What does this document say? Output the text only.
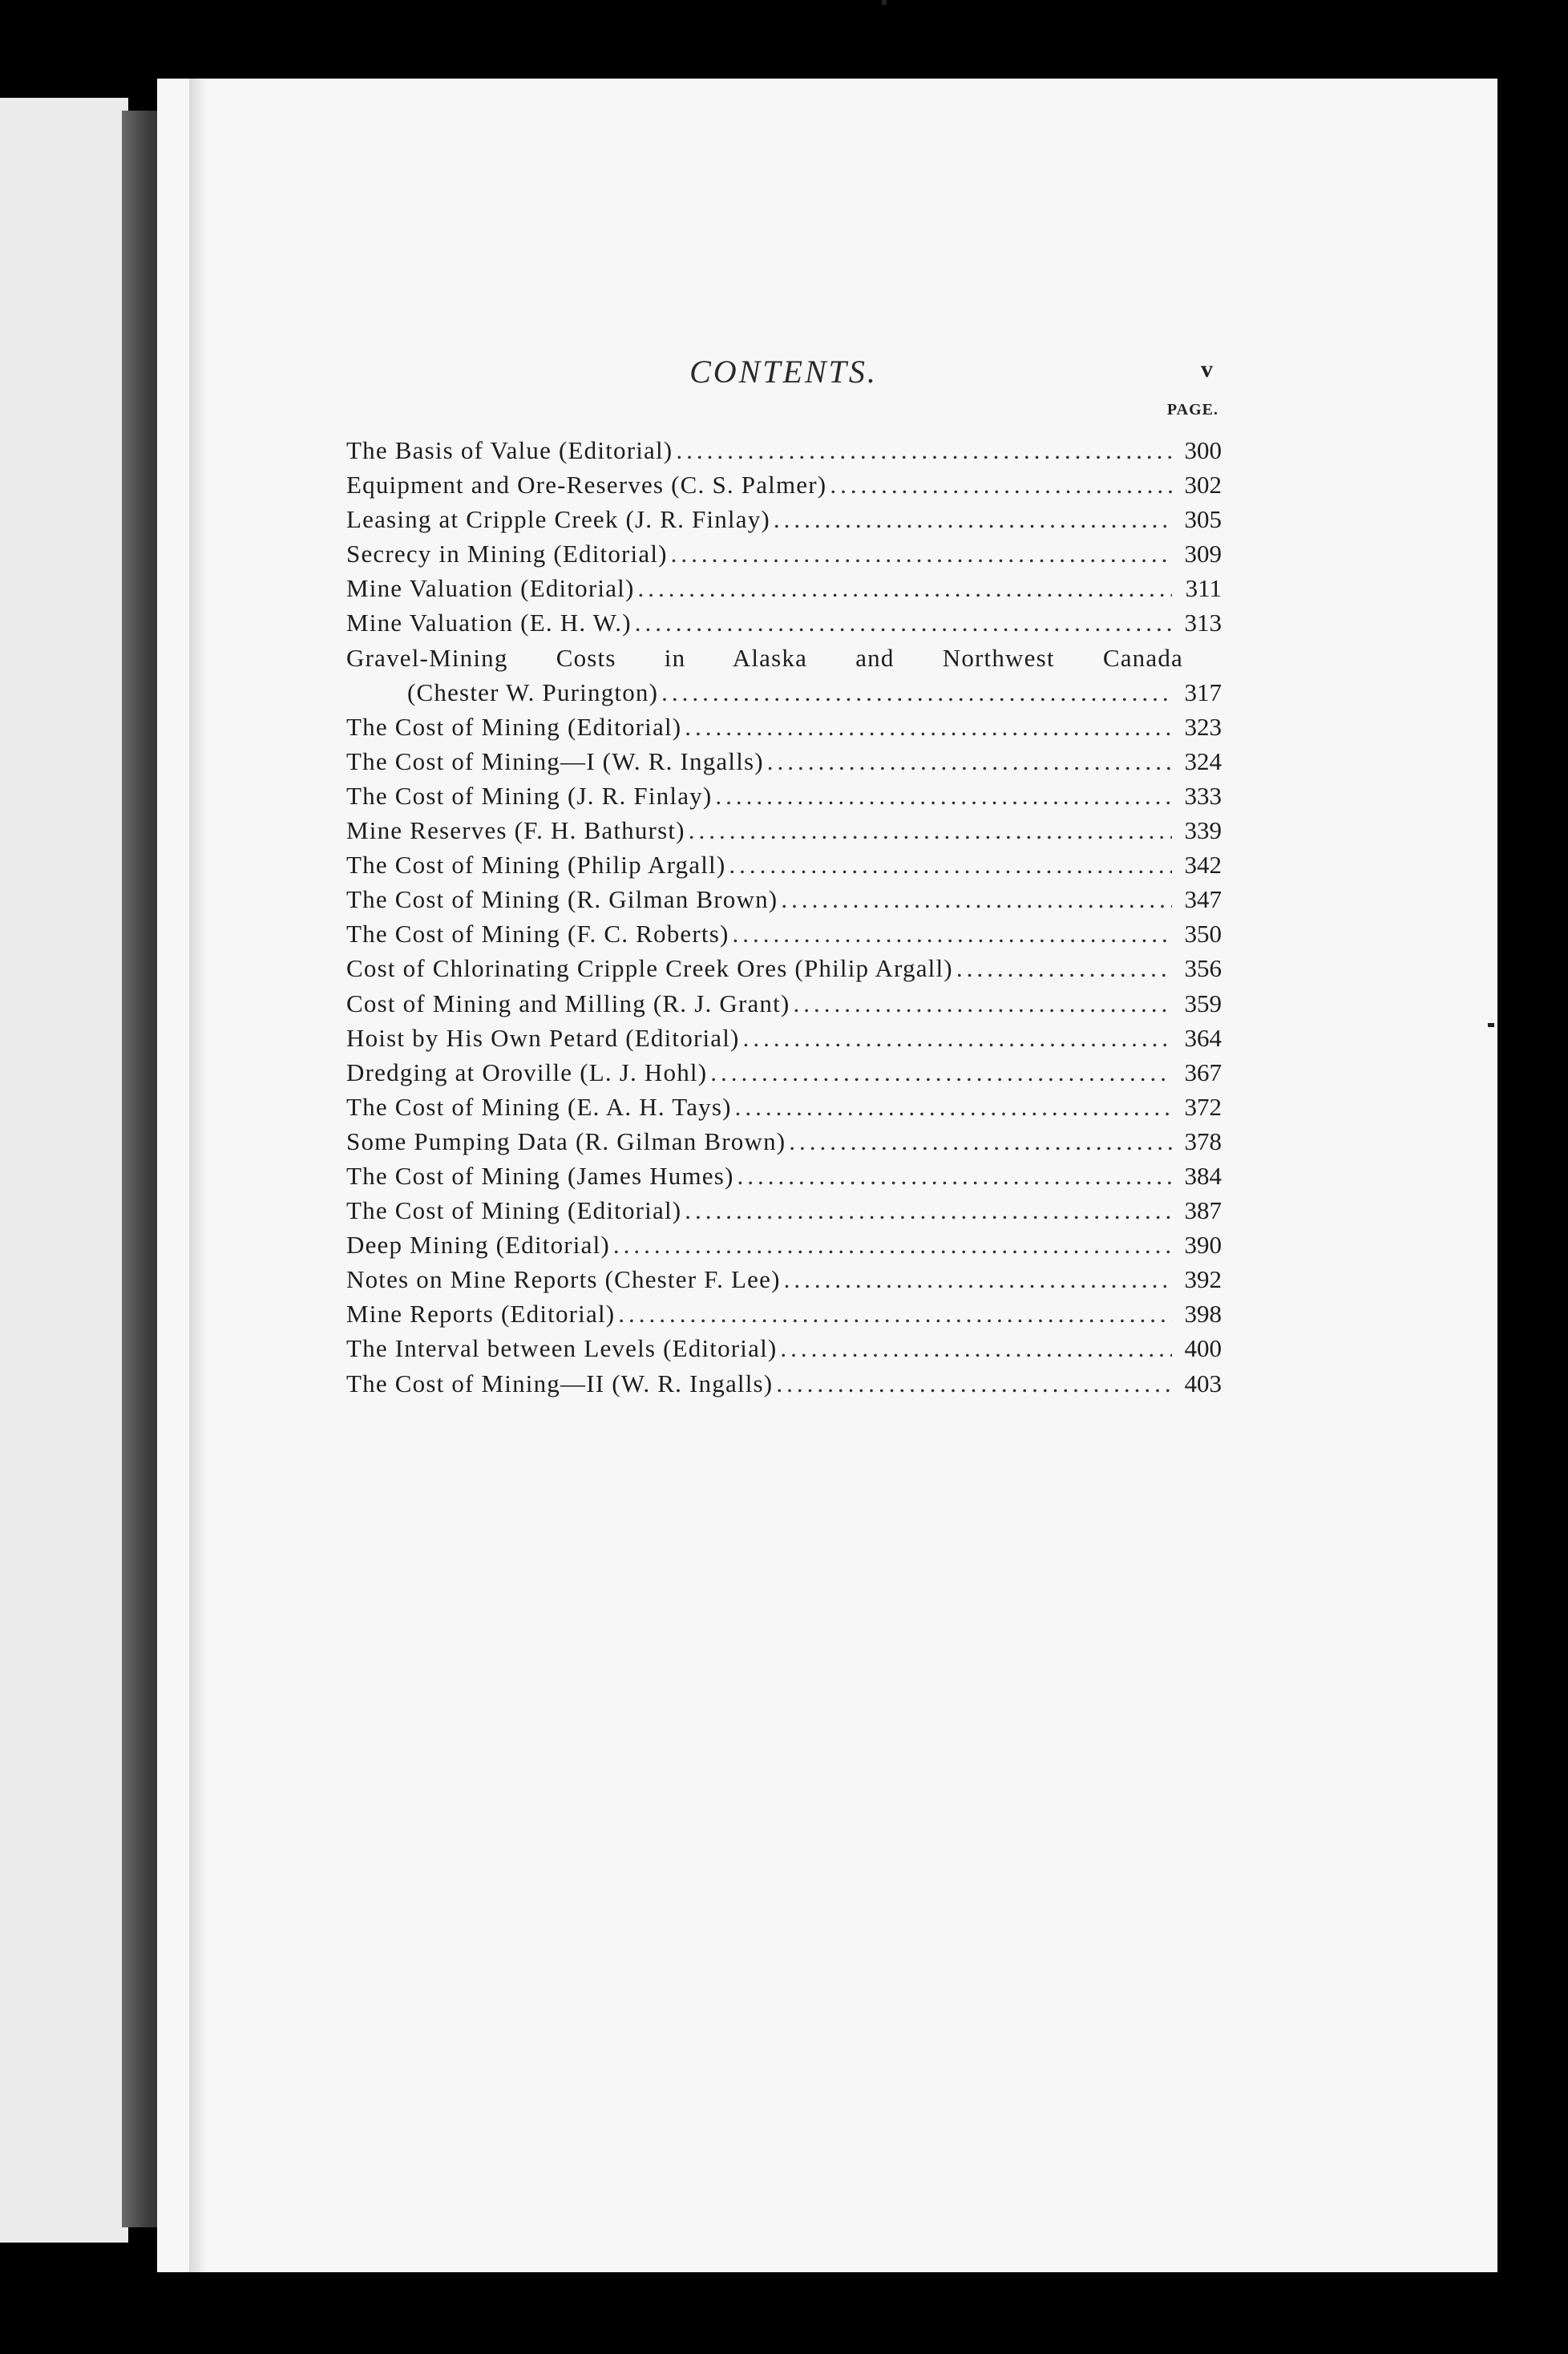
CONTENTS.	v
PAGE.
The Basis of Value (Editorial) .....	300
Equipment and Ore-Reserves (C. S. Palmer) .....	302
Leasing at Cripple Creek (J. R. Finlay) .....	305
Secrecy in Mining (Editorial) .....	309
Mine Valuation (Editorial) .....	311
Mine Valuation (E. H. W.) .....	313
Gravel-Mining Costs in Alaska and Northwest Canada
(Chester W. Purington) .....	317
The Cost of Mining (Editorial) .....	323
The Cost of Mining—I (W. R. Ingalls) .....	324
The Cost of Mining (J. R. Finlay) .....	333
Mine Reserves (F. H. Bathurst) .....	339
The Cost of Mining (Philip Argall) .....	342
The Cost of Mining (R. Gilman Brown) .....	347
The Cost of Mining (F. C. Roberts) .....	350
Cost of Chlorinating Cripple Creek Ores (Philip Argall) .....	356
Cost of Mining and Milling (R. J. Grant) .....	359
Hoist by His Own Petard (Editorial) .....	364
Dredging at Oroville (L. J. Hohl) .....	367
The Cost of Mining (E. A. H. Tays) .....	372
Some Pumping Data (R. Gilman Brown) .....	378
The Cost of Mining (James Humes) .....	384
The Cost of Mining (Editorial) .....	387
Deep Mining (Editorial) .....	390
Notes on Mine Reports (Chester F. Lee) .....	392
Mine Reports (Editorial) .....	398
The Interval between Levels (Editorial) .....	400
The Cost of Mining—II (W. R. Ingalls) .....	403
